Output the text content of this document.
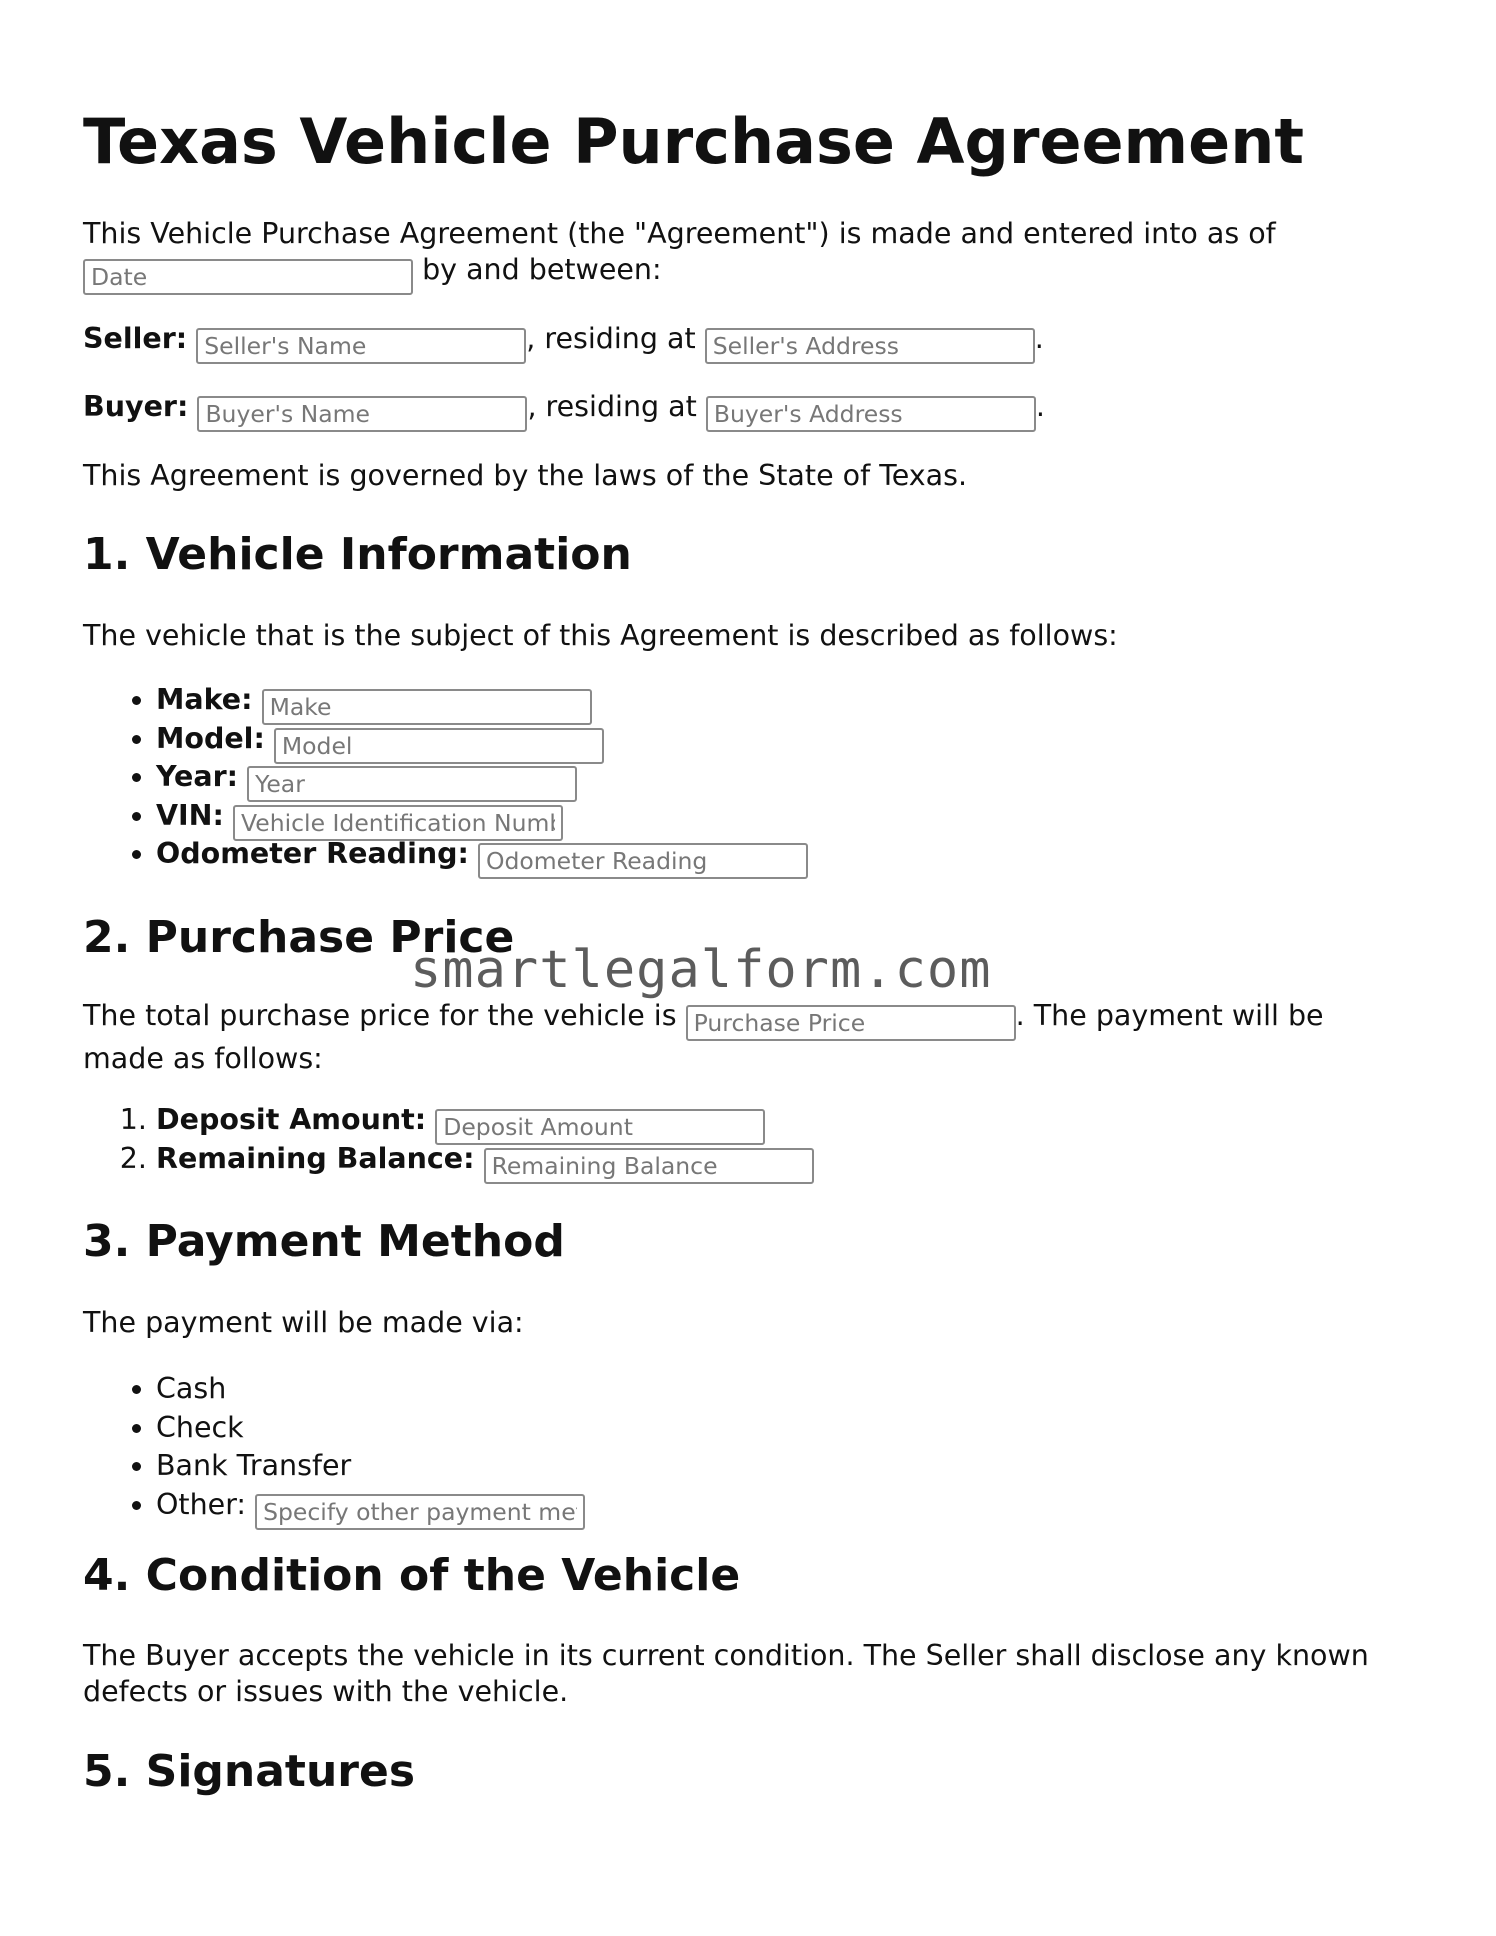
Texas Vehicle Purchase Agreement
This Vehicle Purchase Agreement (the "Agreement") is made and entered into as of
Date by and between:
Seller: Seller's Name	, residing at Seller's Address	.
Buyer: Buyer's Name	, residing at Buyer's Address	.
This Agreement is governed by the laws of the State of Texas.
1. Vehicle Information
The vehicle that is the subject of this Agreement is described as follows:
• Make: Make
• Model: Model
• Year: Year
• VIN: Vehicle Identification Number
• Odometer Reading: Odometer Reading
2. Purchase Price
The total purchase price for the vehicle is Purchase Price	. The payment will be made as follows:
1. Deposit Amount: Deposit Amount
2. Remaining Balance: Remaining Balance
3. Payment Method
The payment will be made via:
• Cash
• Check
• Bank Transfer
• Other: Specify other payment method
4. Condition of the Vehicle
The Buyer accepts the vehicle in its current condition. The Seller shall disclose any known defects or issues with the vehicle.
5. Signatures
smartlegalform.com
